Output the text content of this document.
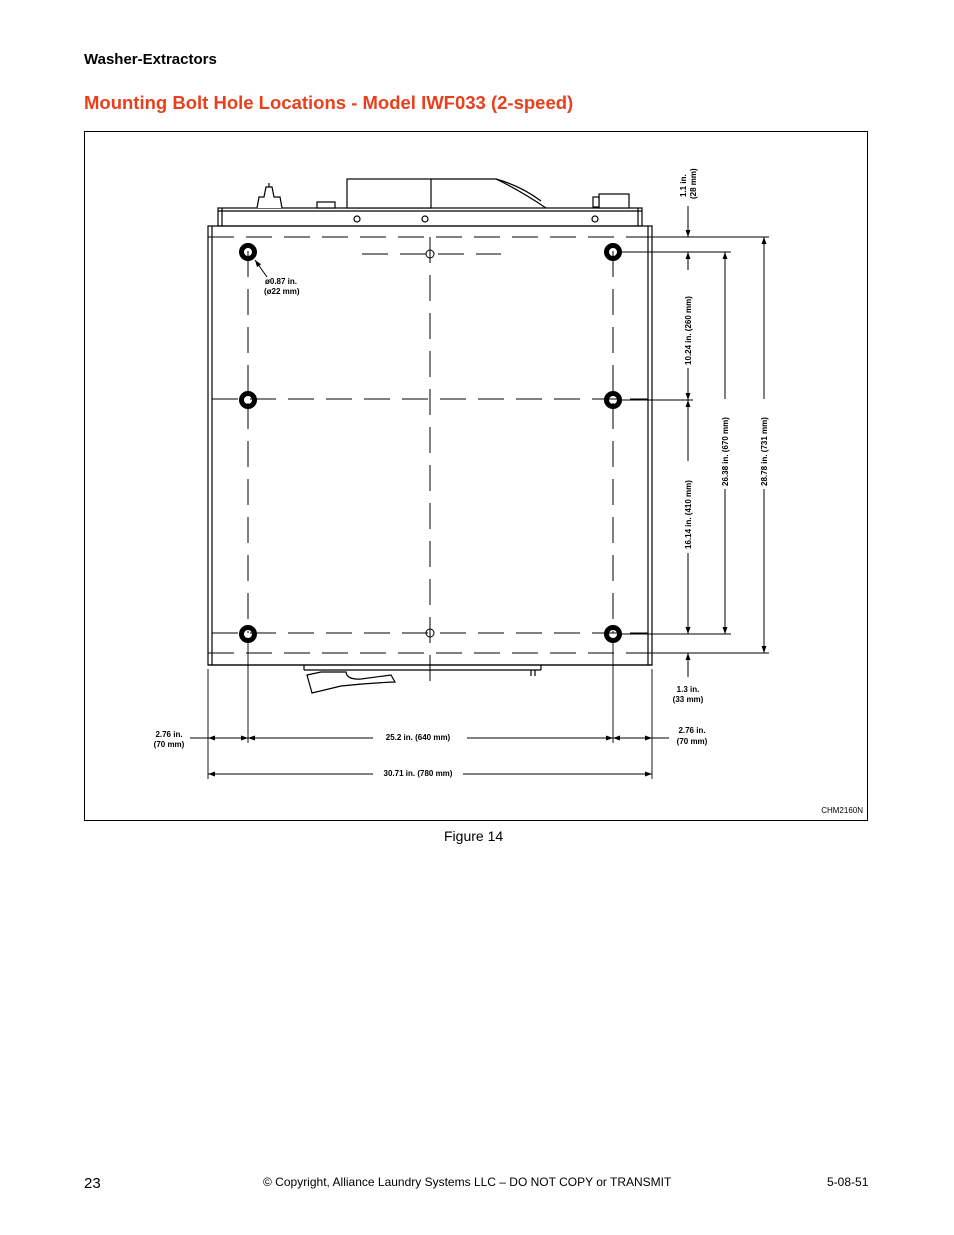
Washer-Extractors
Mounting Bolt Hole Locations - Model IWF033 (2-speed)
ø0.87 in.
(ø22 mm)
1.1 in. (28 mm)
10.24 in. (260 mm)
16.14 in. (410 mm)
26.38 in. (670 mm)	28.78 in. (731 mm)
1.3 in.
(33 mm)
2.76 in.
(70 mm)
2.76 in.
(70 mm)
25.2 in. (640 mm)
30.71 in. (780 mm)
CHM2160N
Figure 14
23	© Copyright, Alliance Laundry Systems LLC – DO NOT COPY or TRANSMIT	5-08-51
